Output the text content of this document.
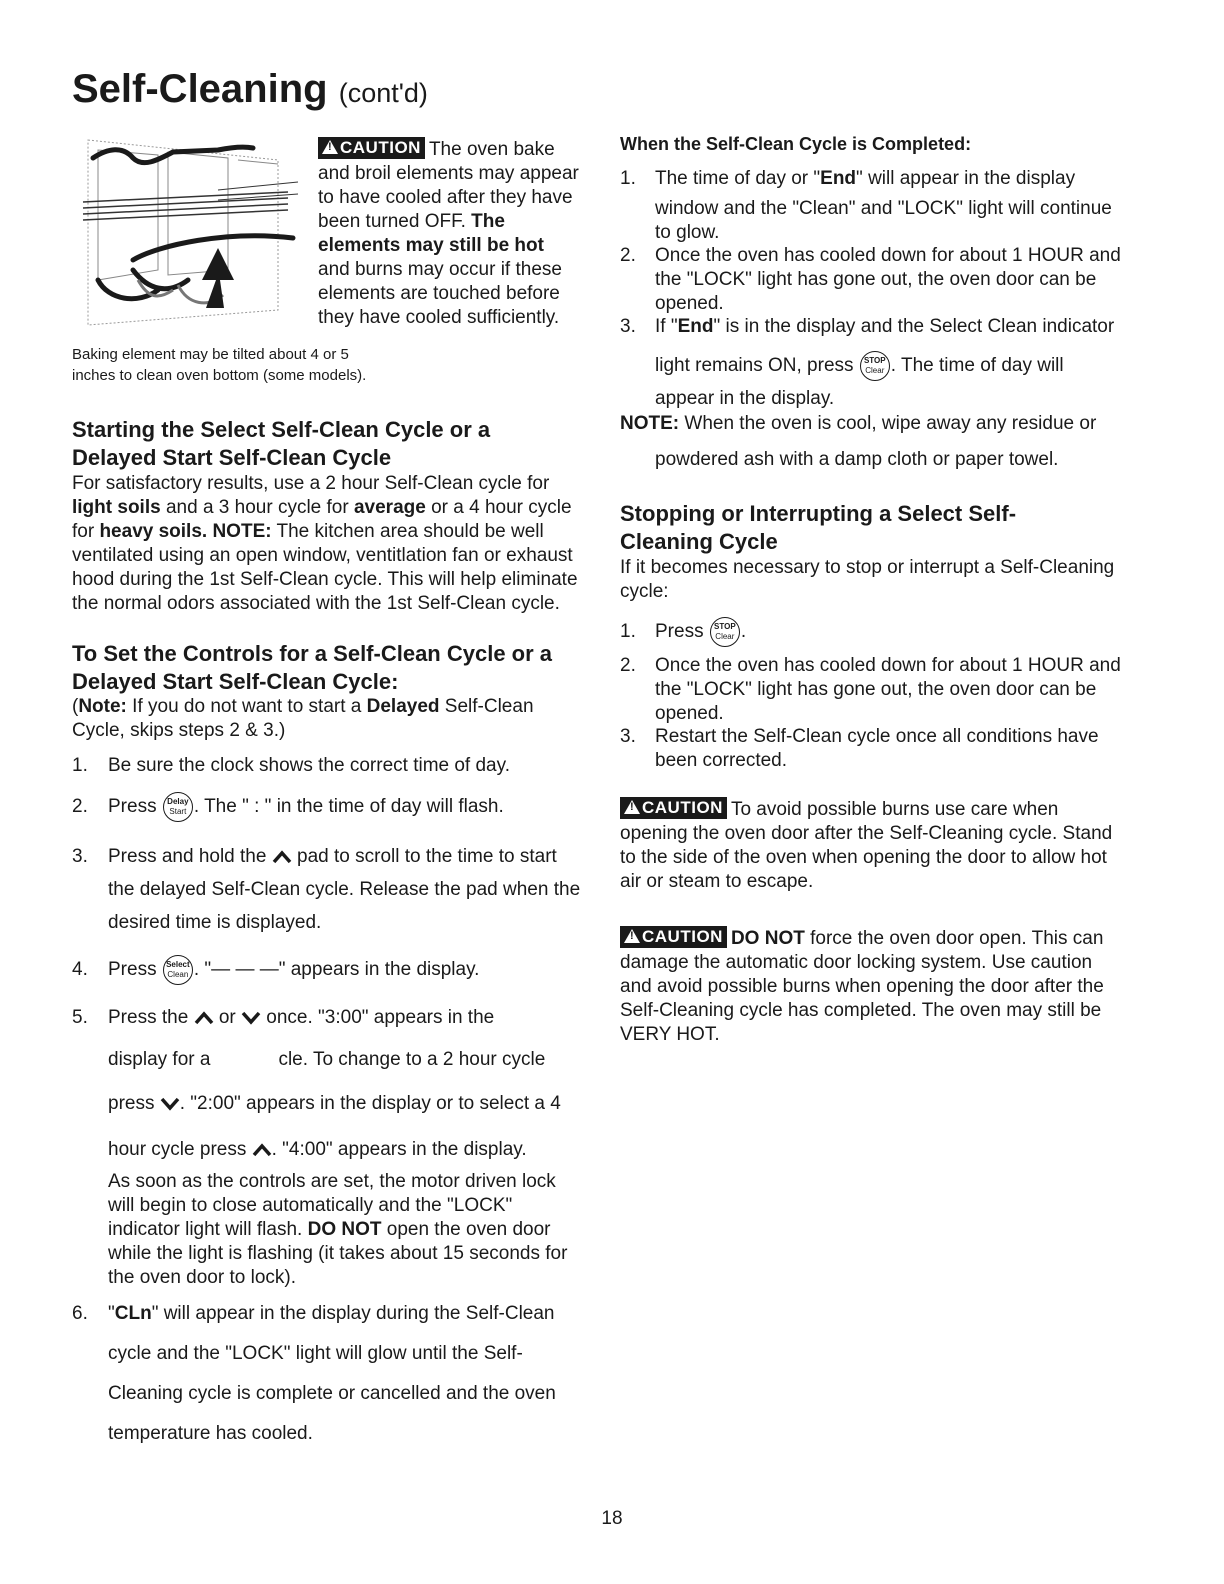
Self-Cleaning (cont'd)
Baking element may be tilted about 4 or 5
inches to clean oven bottom (some models).
!CAUTION The oven bake
and broil elements may appear
to have cooled after they have
been turned OFF. The
elements may still be hot
and burns may occur if these
elements are touched before
they have cooled sufficiently.
Starting the Select Self-Clean Cycle or a
Delayed Start Self-Clean Cycle
For satisfactory results, use a 2 hour Self-Clean cycle for
light soils and a 3 hour cycle for average or a 4 hour cycle
for heavy soils. NOTE: The kitchen area should be well
ventilated using an open window, ventitlation fan or exhaust
hood during the 1st Self-Clean cycle. This will help eliminate
the normal odors associated with the 1st Self-Clean cycle.
To Set the Controls for a Self-Clean Cycle or a
Delayed Start Self-Clean Cycle:
(Note: If you do not want to start a Delayed Self-Clean
Cycle, skips steps 2 & 3.)
1. Be sure the clock shows the correct time of day.
2. Press	Delay
Start . The " : " in the time of day will flash.
3. Press and hold the pad to scroll to the time to start
the delayed Self-Clean cycle. Release the pad when the
desired time is displayed.
4. Press Select
Clean . "— — —" appears in the display.
5. Press the or once. "3:00" appears in the
display for a	cle. To change to a 2 hour cycle
press . "2:00" appears in the display or to select a 4
hour cycle press . "4:00" appears in the display.
As soon as the controls are set, the motor driven lock
will begin to close automatically and the "LOCK"
indicator light will flash. DO NOT open the oven door
while the light is flashing (it takes about 15 seconds for
the oven door to lock).
6. "CLn" will appear in the display during the Self-Clean
cycle and the "LOCK" light will glow until the Self-
Cleaning cycle is complete or cancelled and the oven
temperature has cooled.
When the Self-Clean Cycle is Completed:
1. The time of day or "End" will appear in the display
window and the "Clean" and "LOCK" light will continue
to glow.
2. Once the oven has cooled down for about 1 HOUR and
the "LOCK" light has gone out, the oven door can be
opened.
3. If "End" is in the display and the Select Clean indicator
light remains ON, press	STOP
Clear . The time of day will
appear in the display.
NOTE: When the oven is cool, wipe away any residue or
powdered ash with a damp cloth or paper towel.
Stopping or Interrupting a Select Self-
Cleaning Cycle
If it becomes necessary to stop or interrupt a Self-Cleaning
cycle:
1. Press	STOP
Clear .
2. Once the oven has cooled down for about 1 HOUR and
the "LOCK" light has gone out, the oven door can be
opened.
3. Restart the Self-Clean cycle once all conditions have
been corrected.
!CAUTION To avoid possible burns use care when
opening the oven door after the Self-Cleaning cycle. Stand
to the side of the oven when opening the door to allow hot
air or steam to escape.
!CAUTION DO NOT force the oven door open. This can
damage the automatic door locking system. Use caution
and avoid possible burns when opening the door after the
Self-Cleaning cycle has completed. The oven may still be
VERY HOT.
18
